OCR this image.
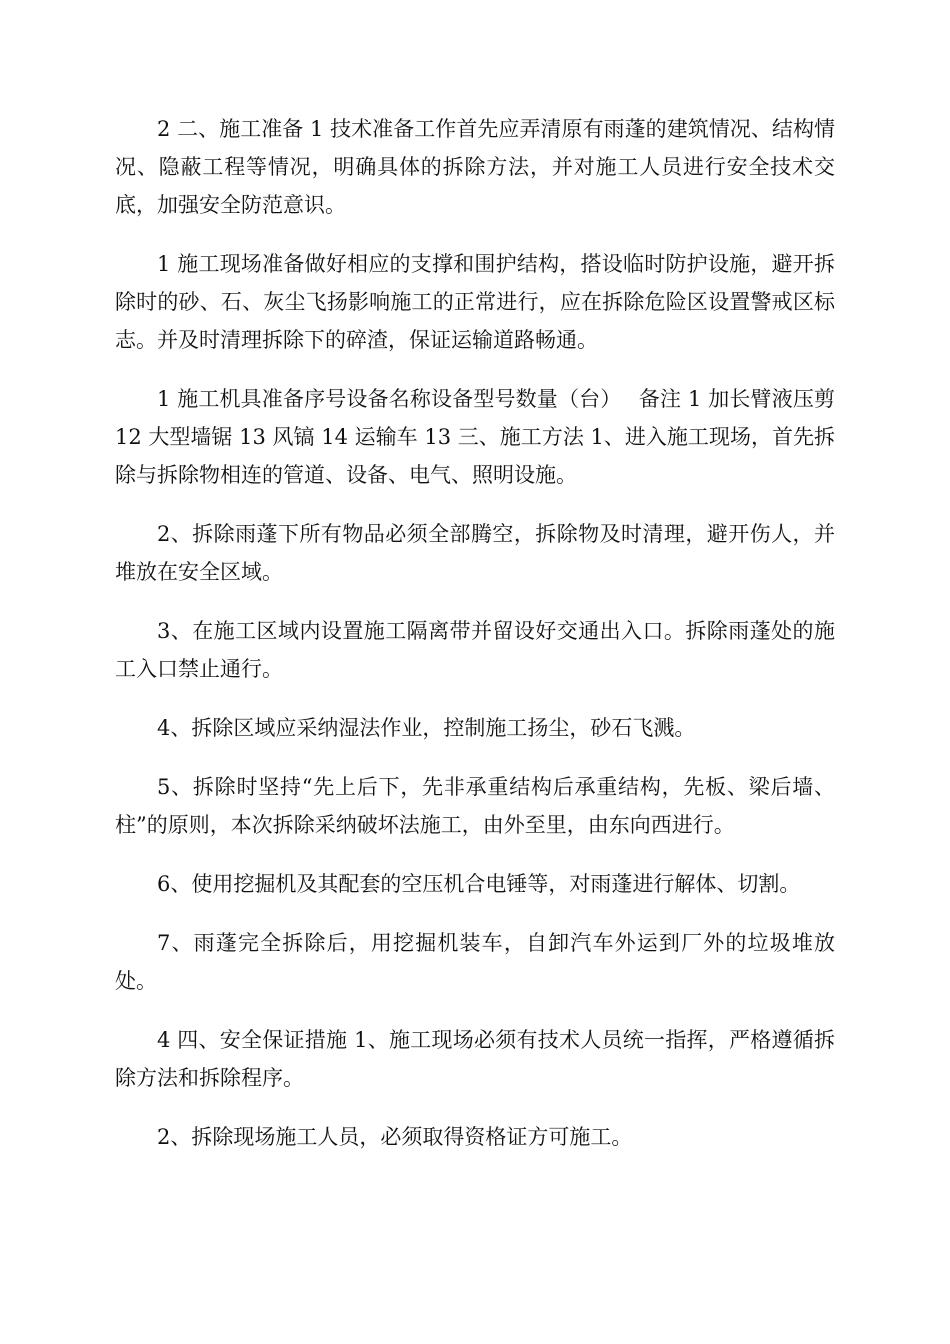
2 二、施工准备 1 技术准备工作首先应弄清原有雨蓬的建筑情况、结构情况、隐蔽工程等情况，明确具体的拆除方法，并对施工人员进行安全技术交底，加强安全防范意识。

1 施工现场准备做好相应的支撑和围护结构，搭设临时防护设施，避开拆除时的砂、石、灰尘飞扬影响施工的正常进行，应在拆除危险区设置警戒区标志。并及时清理拆除下的碎渣，保证运输道路畅通。

1 施工机具准备序号设备名称设备型号数量（台）　 备注 1 加长臂液压剪 12 大型墙锯 13 风镐 14 运输车 13 三、施工方法 1、进入施工现场，首先拆除与拆除物相连的管道、设备、电气、照明设施。

2、拆除雨蓬下所有物品必须全部腾空，拆除物及时清理，避开伤人，并堆放在安全区域。

3、在施工区域内设置施工隔离带并留设好交通出入口。拆除雨蓬处的施工入口禁止通行。

4、拆除区域应采纳湿法作业，控制施工扬尘，砂石飞溅。

5、拆除时坚持“先上后下，先非承重结构后承重结构，先板、梁后墙、柱”的原则，本次拆除采纳破坏法施工，由外至里，由东向西进行。

6、使用挖掘机及其配套的空压机合电锤等，对雨蓬进行解体、切割。

7、雨蓬完全拆除后，用挖掘机装车，自卸汽车外运到厂外的垃圾堆放处。

4 四、安全保证措施 1、施工现场必须有技术人员统一指挥，严格遵循拆除方法和拆除程序。

2、拆除现场施工人员，必须取得资格证方可施工。
